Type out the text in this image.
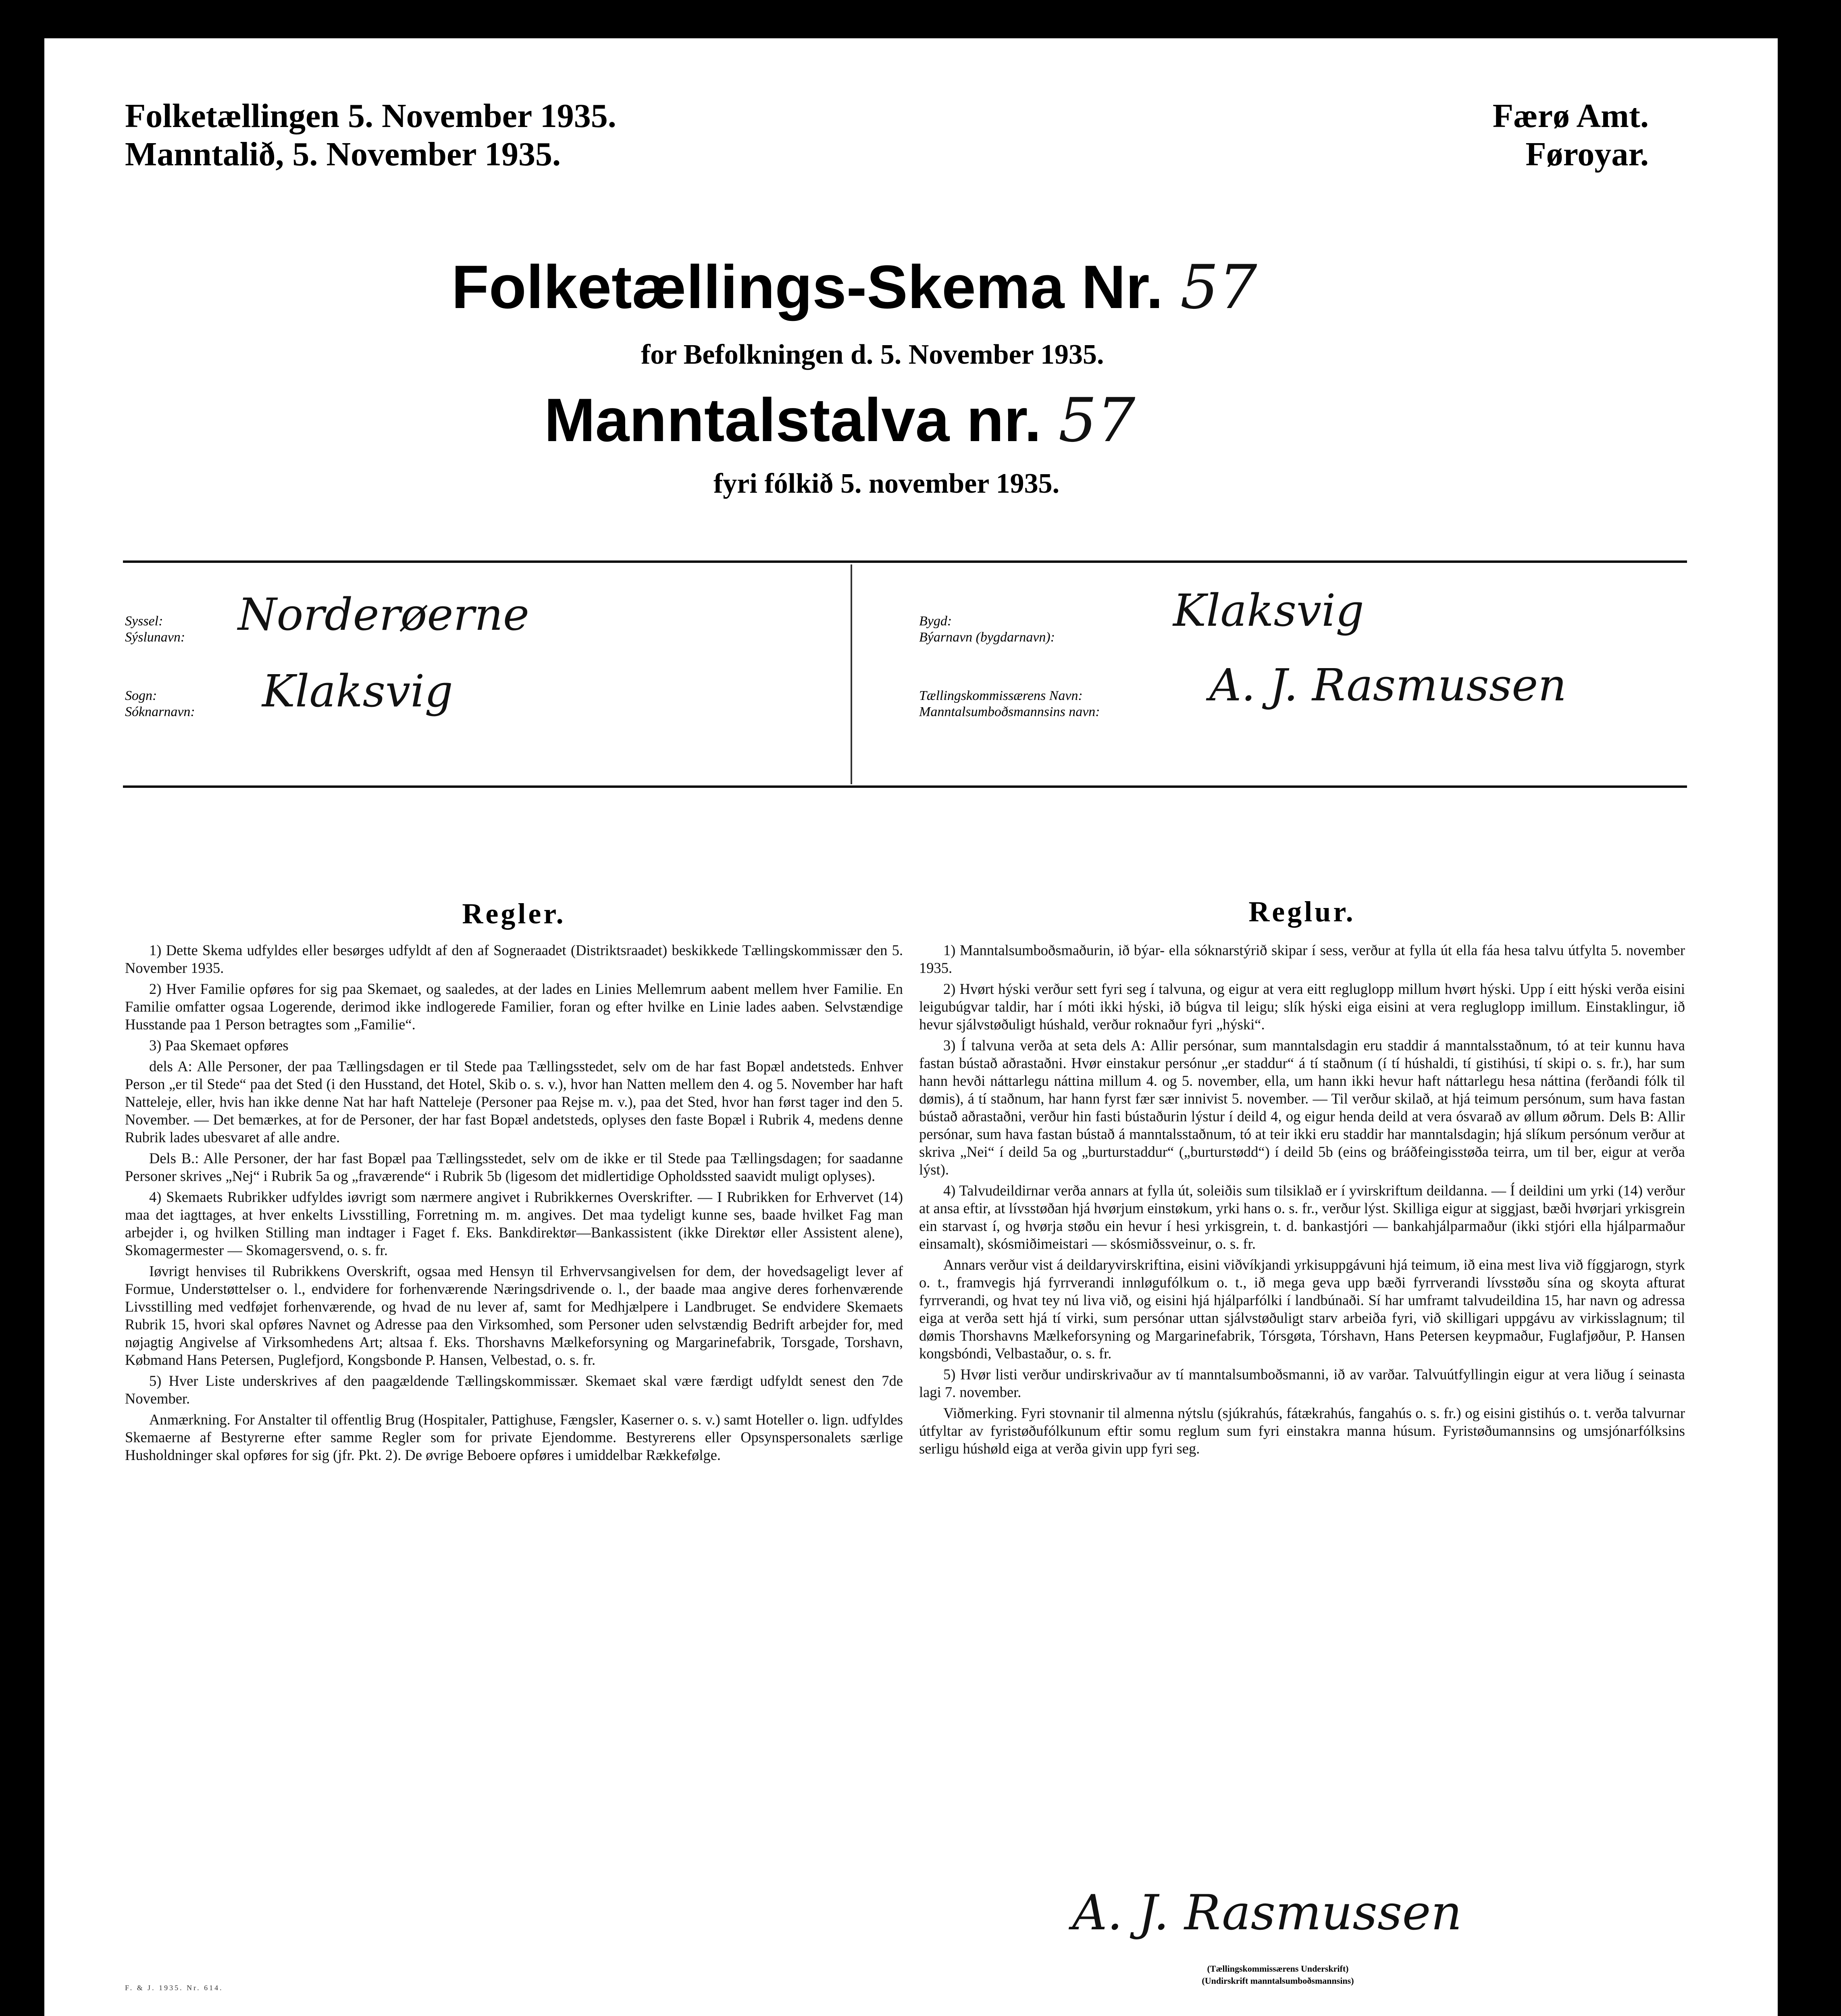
Folketællingen 5. November 1935.
Manntalið, 5. November 1935.
Færø Amt.
Føroyar.
Folketællings-Skema Nr. 57
for Befolkningen d. 5. November 1935.
Manntalstalva nr. 57
fyri fólkið 5. november 1935.
Syssel:
Sýslunavn: Norderøerne
Sogn:
Sóknarnavn: Klaksvig
Bygd:
Býarnavn (bygdarnavn):
Klaksvig
Tællingskommissærens Navn:
Manntalsumboðsmannsins navn:
A. J. Rasmussen
Regler.	Reglur.

1) Dette Skema udfyldes eller besørges udfyldt af den af Sogneraadet (Distriktsraadet) beskikkede Tællingskommissær den 5. November 1935.

2) Hver Familie opføres for sig paa Skemaet, og saaledes, at der lades en Linies Mellemrum aabent mellem hver Familie. En Familie omfatter ogsaa Logerende, derimod ikke indlogerede Familier, foran og efter hvilke en Linie lades aaben. Selvstændige Husstande paa 1 Person betragtes som „Familie“.

3) Paa Skemaet opføres

dels A: Alle Personer, der paa Tællingsdagen er til Stede paa Tællingsstedet, selv om de har fast Bopæl andetsteds. Enhver Person „er til Stede“ paa det Sted (i den Husstand, det Hotel, Skib o. s. v.), hvor han Natten mellem den 4. og 5. November har haft Natteleje, eller, hvis han ikke denne Nat har haft Natteleje (Personer paa Rejse m. v.), paa det Sted, hvor han først tager ind den 5. November. — Det bemærkes, at for de Personer, der har fast Bopæl andetsteds, oplyses den faste Bopæl i Rubrik 4, medens denne Rubrik lades ubesvaret af alle andre.

Dels B.: Alle Personer, der har fast Bopæl paa Tællingsstedet, selv om de ikke er til Stede paa Tællingsdagen; for saadanne Personer skrives „Nej“ i Rubrik 5a og „fraværende“ i Rubrik 5b (ligesom det midlertidige Opholdssted saavidt muligt oplyses).

4) Skemaets Rubrikker udfyldes iøvrigt som nærmere angivet i Rubrikkernes Overskrifter. — I Rubrikken for Erhvervet (14) maa det iagttages, at hver enkelts Livsstilling, Forretning m. m. angives. Det maa tydeligt kunne ses, baade hvilket Fag man arbejder i, og hvilken Stilling man indtager i Faget f. Eks. Bankdirektør—Bankassistent (ikke Direktør eller Assistent alene), Skomagermester — Skomagersvend, o. s. fr.

Iøvrigt henvises til Rubrikkens Overskrift, ogsaa med Hensyn til Erhvervsangivelsen for dem, der hovedsageligt lever af Formue, Understøttelser o. l., endvidere for forhenværende Næringsdrivende o. l., der baade maa angive deres forhenværende Livsstilling med vedføjet forhenværende, og hvad de nu lever af, samt for Medhjælpere i Landbruget. Se endvidere Skemaets Rubrik 15, hvori skal opføres Navnet og Adresse paa den Virksomhed, som Personer uden selvstændig Bedrift arbejder for, med nøjagtig Angivelse af Virksomhedens Art; altsaa f. Eks. Thorshavns Mælkeforsyning og Margarinefabrik, Torsgade, Torshavn, Købmand Hans Petersen, Puglefjord, Kongsbonde P. Hansen, Velbestad, o. s. fr.

5) Hver Liste underskrives af den paagældende Tællingskommissær. Skemaet skal være færdigt udfyldt senest den 7de November.

Anmærkning. For Anstalter til offentlig Brug (Hospitaler, Pattighuse, Fængsler, Kaserner o. s. v.) samt Hoteller o. lign. udfyldes Skemaerne af Bestyrerne efter samme Regler som for private Ejendomme. Bestyrerens eller Opsynspersonalets særlige Husholdninger skal opføres for sig (jfr. Pkt. 2). De øvrige Beboere opføres i umiddelbar Rækkefølge.

1) Manntalsumboðsmaðurin, ið býar- ella sóknarstýrið skipar í sess, verður at fylla út ella fáa hesa talvu útfylta 5. november 1935.

2) Hvørt hýski verður sett fyri seg í talvuna, og eigur at vera eitt regluglopp millum hvørt hýski. Upp í eitt hýski verða eisini leigubúgvar taldir, har í móti ikki hýski, ið búgva til leigu; slík hýski eiga eisini at vera regluglopp imillum. Einstaklingur, ið hevur sjálvstøðuligt húshald, verður roknaður fyri „hýski“.

3) Í talvuna verða at seta dels A: Allir persónar, sum manntalsdagin eru staddir á manntalsstaðnum, tó at teir kunnu hava fastan bústað aðrastaðni. Hvør einstakur persónur „er staddur“ á tí staðnum (í tí húshaldi, tí gistihúsi, tí skipi o. s. fr.), har sum hann hevði náttarlegu náttina millum 4. og 5. november, ella, um hann ikki hevur haft náttarlegu hesa náttina (ferðandi fólk til dømis), á tí staðnum, har hann fyrst fær sær innivist 5. november. — Til verður skilað, at hjá teimum persónum, sum hava fastan bústað aðrastaðni, verður hin fasti bústaðurin lýstur í deild 4, og eigur henda deild at vera ósvarað av øllum øðrum. Dels B: Allir persónar, sum hava fastan bústað á manntalsstaðnum, tó at teir ikki eru staddir har manntalsdagin; hjá slíkum persónum verður at skriva „Nei“ í deild 5a og „burturstaddur“ („burturstødd“) í deild 5b (eins og bráðfeingisstøða teirra, um til ber, eigur at verða lýst).

4) Talvudeildirnar verða annars at fylla út, soleiðis sum tilsiklað er í yvirskriftum deildanna. — Í deildini um yrki (14) verður at ansa eftir, at lívsstøðan hjá hvørjum einstøkum, yrki hans o. s. fr., verður lýst. Skilliga eigur at siggjast, bæði hvørjari yrkisgrein ein starvast í, og hvørja støðu ein hevur í hesi yrkisgrein, t. d. bankastjóri — bankahjálparmaður (ikki stjóri ella hjálparmaður einsamalt), skósmiðimeistari — skósmiðssveinur, o. s. fr.

Annars verður vist á deildaryvirskriftina, eisini viðvíkjandi yrkisuppgávuni hjá teimum, ið eina mest liva við fíggjarogn, styrk o. t., framvegis hjá fyrrverandi innløgufólkum o. t., ið mega geva upp bæði fyrrverandi lívsstøðu sína og skoyta afturat fyrrverandi, og hvat tey nú liva við, og eisini hjá hjálparfólki í landbúnaði. Sí har umframt talvudeildina 15, har navn og adressa eiga at verða sett hjá tí virki, sum persónar uttan sjálvstøðuligt starv arbeiða fyri, við skilligari uppgávu av virkisslagnum; til dømis Thorshavns Mælkeforsyning og Margarinefabrik, Tórsgøta, Tórshavn, Hans Petersen keypmaður, Fuglafjøður, P. Hansen kongsbóndi, Velbastaður, o. s. fr.

5) Hvør listi verður undirskrivaður av tí manntalsumboðsmanni, ið av varðar. Talvuútfyllingin eigur at vera liðug í seinasta lagi 7. november.

Viðmerking. Fyri stovnanir til almenna nýtslu (sjúkrahús, fátækrahús, fangahús o. s. fr.) og eisini gistihús o. t. verða talvurnar útfyltar av fyristøðufólkunum eftir somu reglum sum fyri einstakra manna húsum. Fyristøðumannsins og umsjónarfólksins serligu húshøld eiga at verða givin upp fyri seg.

A. J. Rasmussen
(Tællingskommissærens Underskrift)
(Undirskrift manntalsumboðsmannsins)
F. & J. 1935. Nr. 614.
